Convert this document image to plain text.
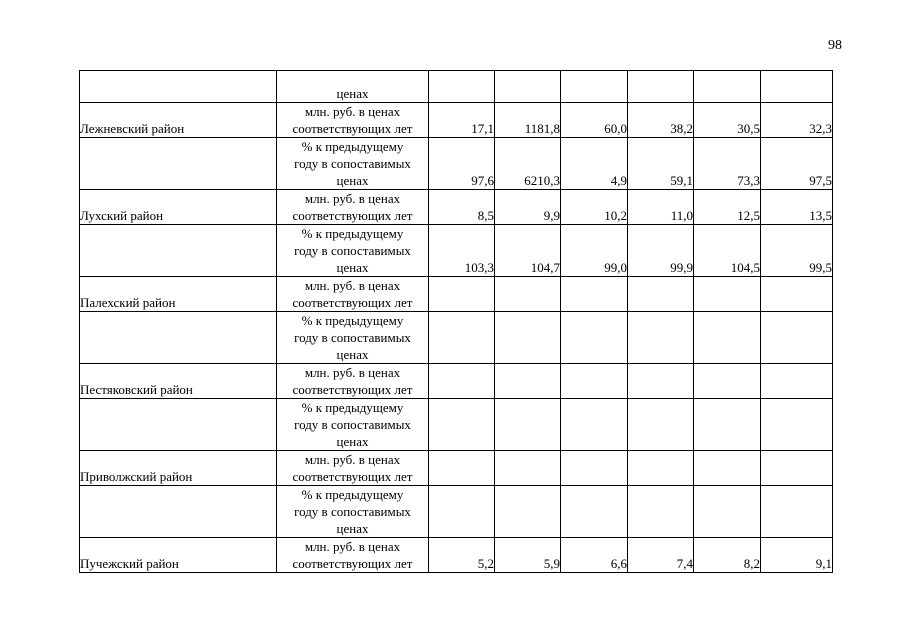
98

	ценах						

Лежневский район	млн. руб. в ценах
соответствующих лет	17,1	1181,8	60,0	38,2	30,5	32,3

	% к предыдущему
году в сопоставимых
ценах	97,6	6210,3	4,9	59,1	73,3	97,5
Лухский район	млн. руб. в ценах
соответствующих лет	8,5	9,9	10,2	11,0	12,5	13,5

	% к предыдущему
году в сопоставимых
ценах	103,3	104,7	99,0	99,9	104,5	99,5
Палехский район	млн. руб. в ценах
соответствующих лет						

	% к предыдущему
году в сопоставимых
ценах						

Пестяковский район	млн. руб. в ценах
соответствующих лет						

	% к предыдущему
году в сопоставимых
ценах						

Приволжский район	млн. руб. в ценах
соответствующих лет						

	% к предыдущему
году в сопоставимых
ценах						

Пучежский район	млн. руб. в ценах
соответствующих лет	5,2	5,9	6,6	7,4	8,2	9,1
